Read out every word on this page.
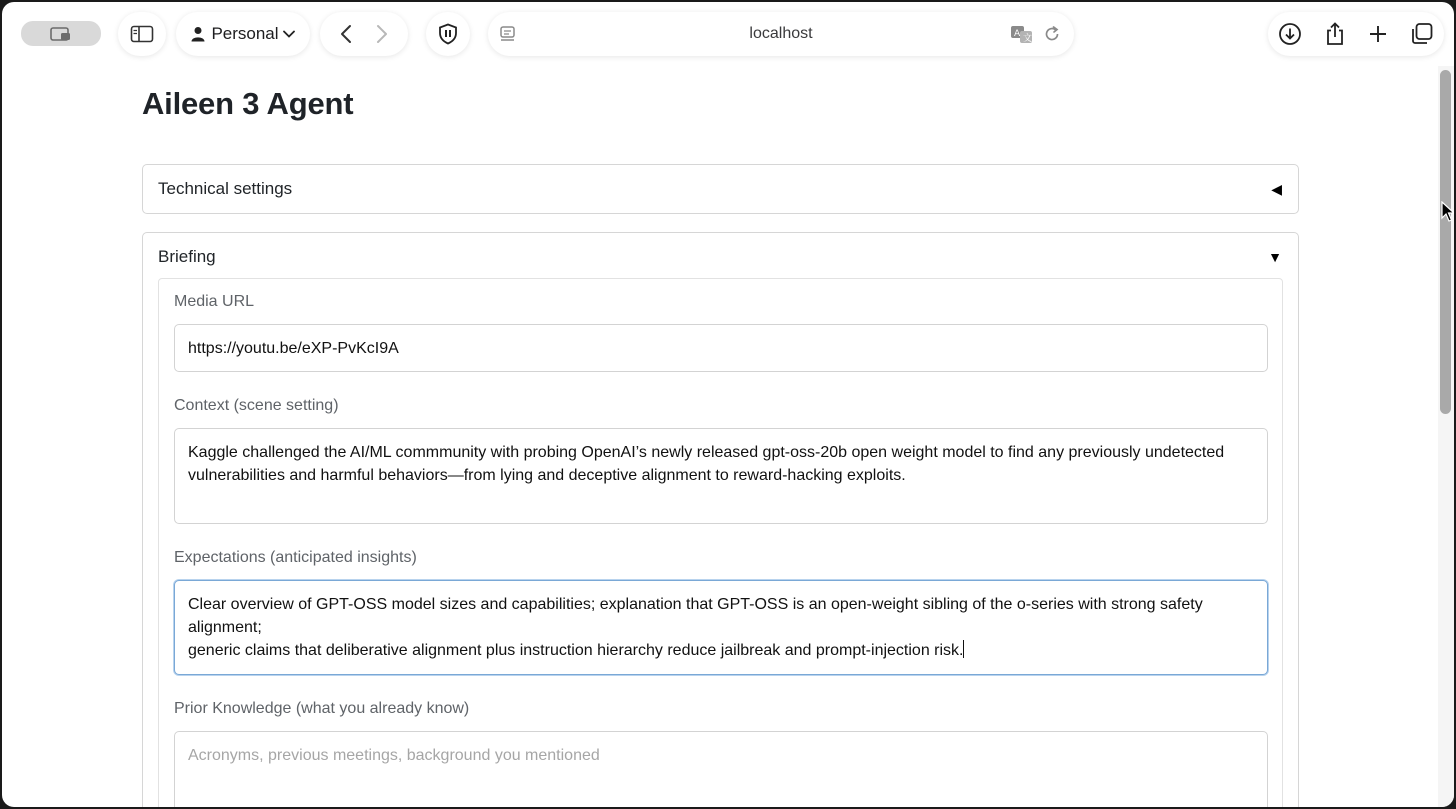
Personal	localhost	A 文
Aileen 3 Agent
Technical settings	◀
Briefing	▼
Media URL
https://youtu.be/eXP-PvKcI9A
Context (scene setting)
Kaggle challenged the AI/ML commmunity with probing OpenAI’s newly released gpt-oss-20b open weight model to find any previously undetected
vulnerabilities and harmful behaviors—from lying and deceptive alignment to reward-hacking exploits.
Expectations (anticipated insights)
Clear overview of GPT-OSS model sizes and capabilities; explanation that GPT-OSS is an open-weight sibling of the o-series with strong safety alignment;
generic claims that deliberative alignment plus instruction hierarchy reduce jailbreak and prompt-injection risk.
Prior Knowledge (what you already know)
Acronyms, previous meetings, background you mentioned
